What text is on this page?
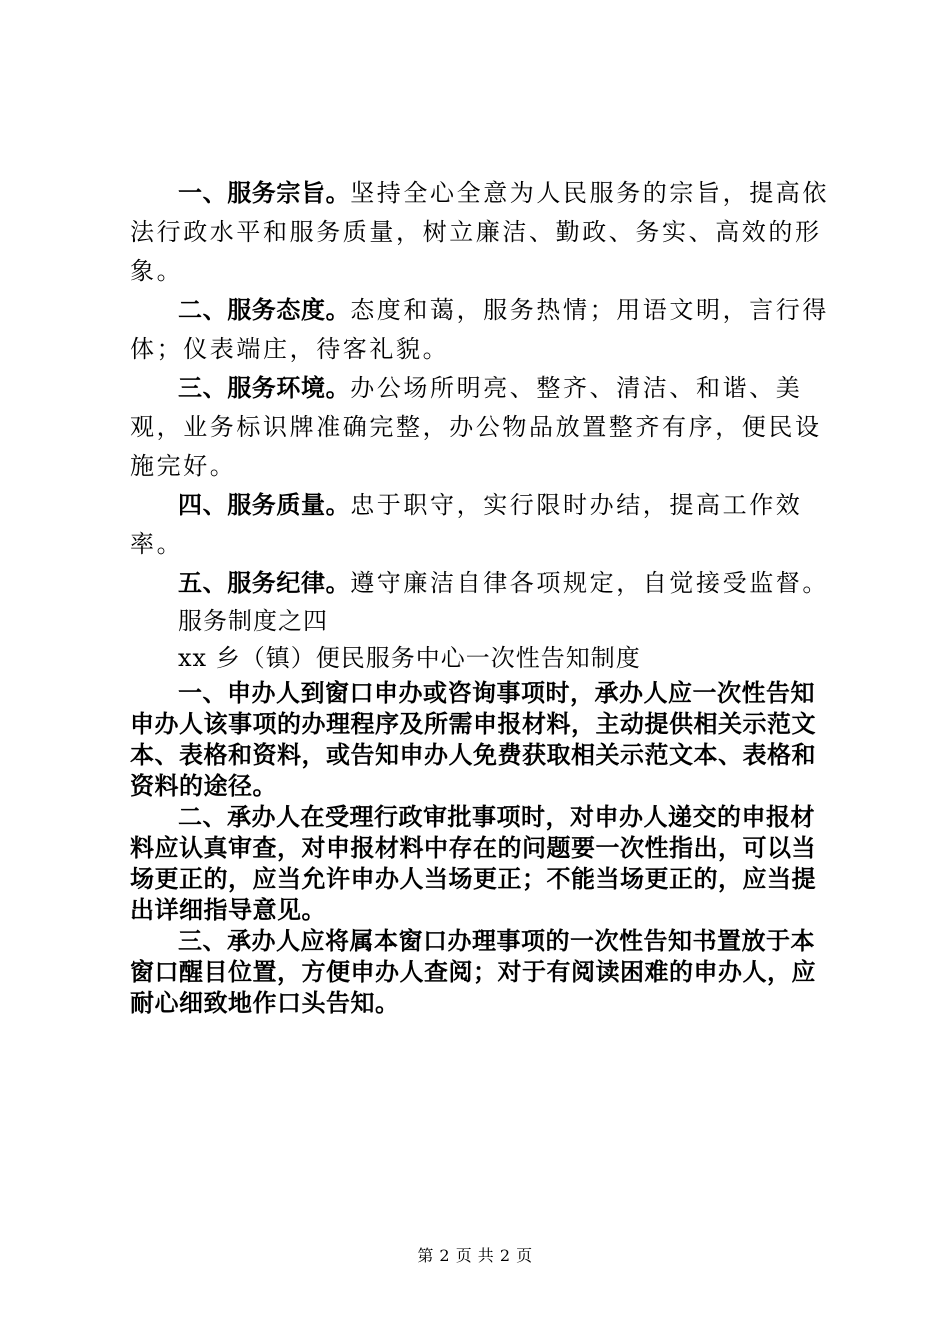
一、服务宗旨。坚持全心全意为人民服务的宗旨，提高依法行政水平和服务质量，树立廉洁、勤政、务实、高效的形象。

二、服务态度。态度和蔼，服务热情；用语文明，言行得体；仪表端庄，待客礼貌。

三、服务环境。办公场所明亮、整齐、清洁、和谐、美观，业务标识牌准确完整，办公物品放置整齐有序，便民设施完好。

四、服务质量。忠于职守，实行限时办结，提高工作效率。

五、服务纪律。遵守廉洁自律各项规定，自觉接受监督。

服务制度之四

xx 乡（镇）便民服务中心一次性告知制度

一、申办人到窗口申办或咨询事项时，承办人应一次性告知申办人该事项的办理程序及所需申报材料，主动提供相关示范文本、表格和资料，或告知申办人免费获取相关示范文本、表格和资料的途径。

二、承办人在受理行政审批事项时，对申办人递交的申报材料应认真审查，对申报材料中存在的问题要一次性指出，可以当场更正的，应当允许申办人当场更正；不能当场更正的，应当提出详细指导意见。

三、承办人应将属本窗口办理事项的一次性告知书置放于本窗口醒目位置，方便申办人查阅；对于有阅读困难的申办人，应耐心细致地作口头告知。

第 2 页 共 2 页
